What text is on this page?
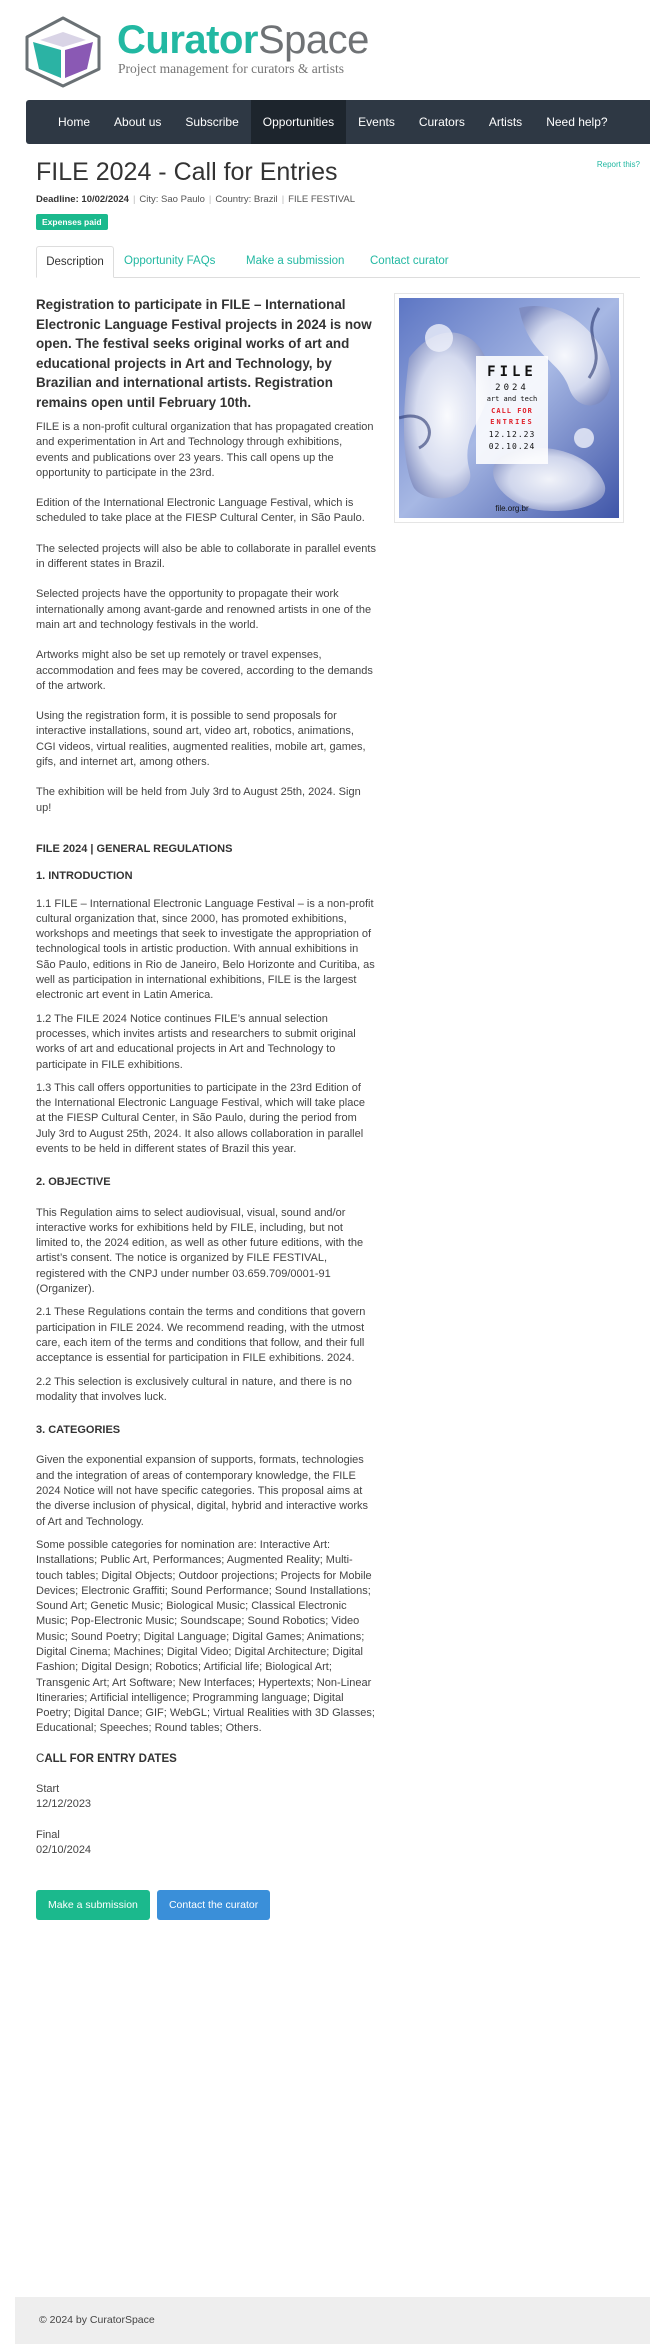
CuratorSpace
Project management for curators & artists
Home	About us	Subscribe	Opportunities	Events	Curators	Artists	Need help?
Report this?
FILE 2024 - Call for Entries
Deadline: 10/02/2024 | City: Sao Paulo | Country: Brazil | FILE FESTIVAL
Expenses paid
Description	Opportunity FAQs	Make a submission Contact curator
FILE
2024
art and tech
CALL FOR
ENTRIES
12.12.23
02.10.24
file.org.br

Registration to participate in FILE – International Electronic Language Festival projects in 2024 is now open. The festival seeks original works of art and educational projects in Art and Technology, by Brazilian and international artists. Registration remains open until February 10th.

FILE is a non-profit cultural organization that has propagated creation and experimentation in Art and Technology through exhibitions, events and publications over 23 years. This call opens up the opportunity to participate in the 23rd.

Edition of the International Electronic Language Festival, which is scheduled to take place at the FIESP Cultural Center, in São Paulo.

The selected projects will also be able to collaborate in parallel events in different states in Brazil.

Selected projects have the opportunity to propagate their work internationally among avant-garde and renowned artists in one of the main art and technology festivals in the world.

Artworks might also be set up remotely or travel expenses, accommodation and fees may be covered, according to the demands of the artwork.

Using the registration form, it is possible to send proposals for interactive installations, sound art, video art, robotics, animations, CGI videos, virtual realities, augmented realities, mobile art, games, gifs, and internet art, among others.

The exhibition will be held from July 3rd to August 25th, 2024. Sign up!

FILE 2024 | GENERAL REGULATIONS
1. INTRODUCTION

1.1 FILE – International Electronic Language Festival – is a non-profit cultural organization that, since 2000, has promoted exhibitions, workshops and meetings that seek to investigate the appropriation of technological tools in artistic production. With annual exhibitions in São Paulo, editions in Rio de Janeiro, Belo Horizonte and Curitiba, as well as participation in international exhibitions, FILE is the largest electronic art event in Latin America.

1.2 The FILE 2024 Notice continues FILE’s annual selection processes, which invites artists and researchers to submit original works of art and educational projects in Art and Technology to participate in FILE exhibitions.

1.3 This call offers opportunities to participate in the 23rd Edition of the International Electronic Language Festival, which will take place at the FIESP Cultural Center, in São Paulo, during the period from July 3rd to August 25th, 2024. It also allows collaboration in parallel events to be held in different states of Brazil this year.

2. OBJECTIVE

This Regulation aims to select audiovisual, visual, sound and/or interactive works for exhibitions held by FILE, including, but not limited to, the 2024 edition, as well as other future editions, with the artist’s consent. The notice is organized by FILE FESTIVAL, registered with the CNPJ under number 03.659.709/0001-91 (Organizer).

2.1 These Regulations contain the terms and conditions that govern participation in FILE 2024. We recommend reading, with the utmost care, each item of the terms and conditions that follow, and their full acceptance is essential for participation in FILE exhibitions. 2024.

2.2 This selection is exclusively cultural in nature, and there is no modality that involves luck.

3. CATEGORIES

Given the exponential expansion of supports, formats, technologies and the integration of areas of contemporary knowledge, the FILE 2024 Notice will not have specific categories. This proposal aims at the diverse inclusion of physical, digital, hybrid and interactive works of Art and Technology.

Some possible categories for nomination are: Interactive Art: Installations; Public Art, Performances; Augmented Reality; Multi-touch tables; Digital Objects; Outdoor projections; Projects for Mobile Devices; Electronic Graffiti; Sound Performance; Sound Installations; Sound Art; Genetic Music; Biological Music; Classical Electronic Music; Pop-Electronic Music; Soundscape; Sound Robotics; Video Music; Sound Poetry; Digital Language; Digital Games; Animations; Digital Cinema; Machines; Digital Video; Digital Architecture; Digital Fashion; Digital Design; Robotics; Artificial life; Biological Art; Transgenic Art; Art Software; New Interfaces; Hypertexts; Non-Linear Itineraries; Artificial intelligence; Programming language; Digital Poetry; Digital Dance; GIF; WebGL; Virtual Realities with 3D Glasses; Educational; Speeches; Round tables; Others.

CALL FOR ENTRY DATES

Start

12/12/2023

Final

02/10/2024

Make a submission	Contact the curator
© 2024 by CuratorSpace
